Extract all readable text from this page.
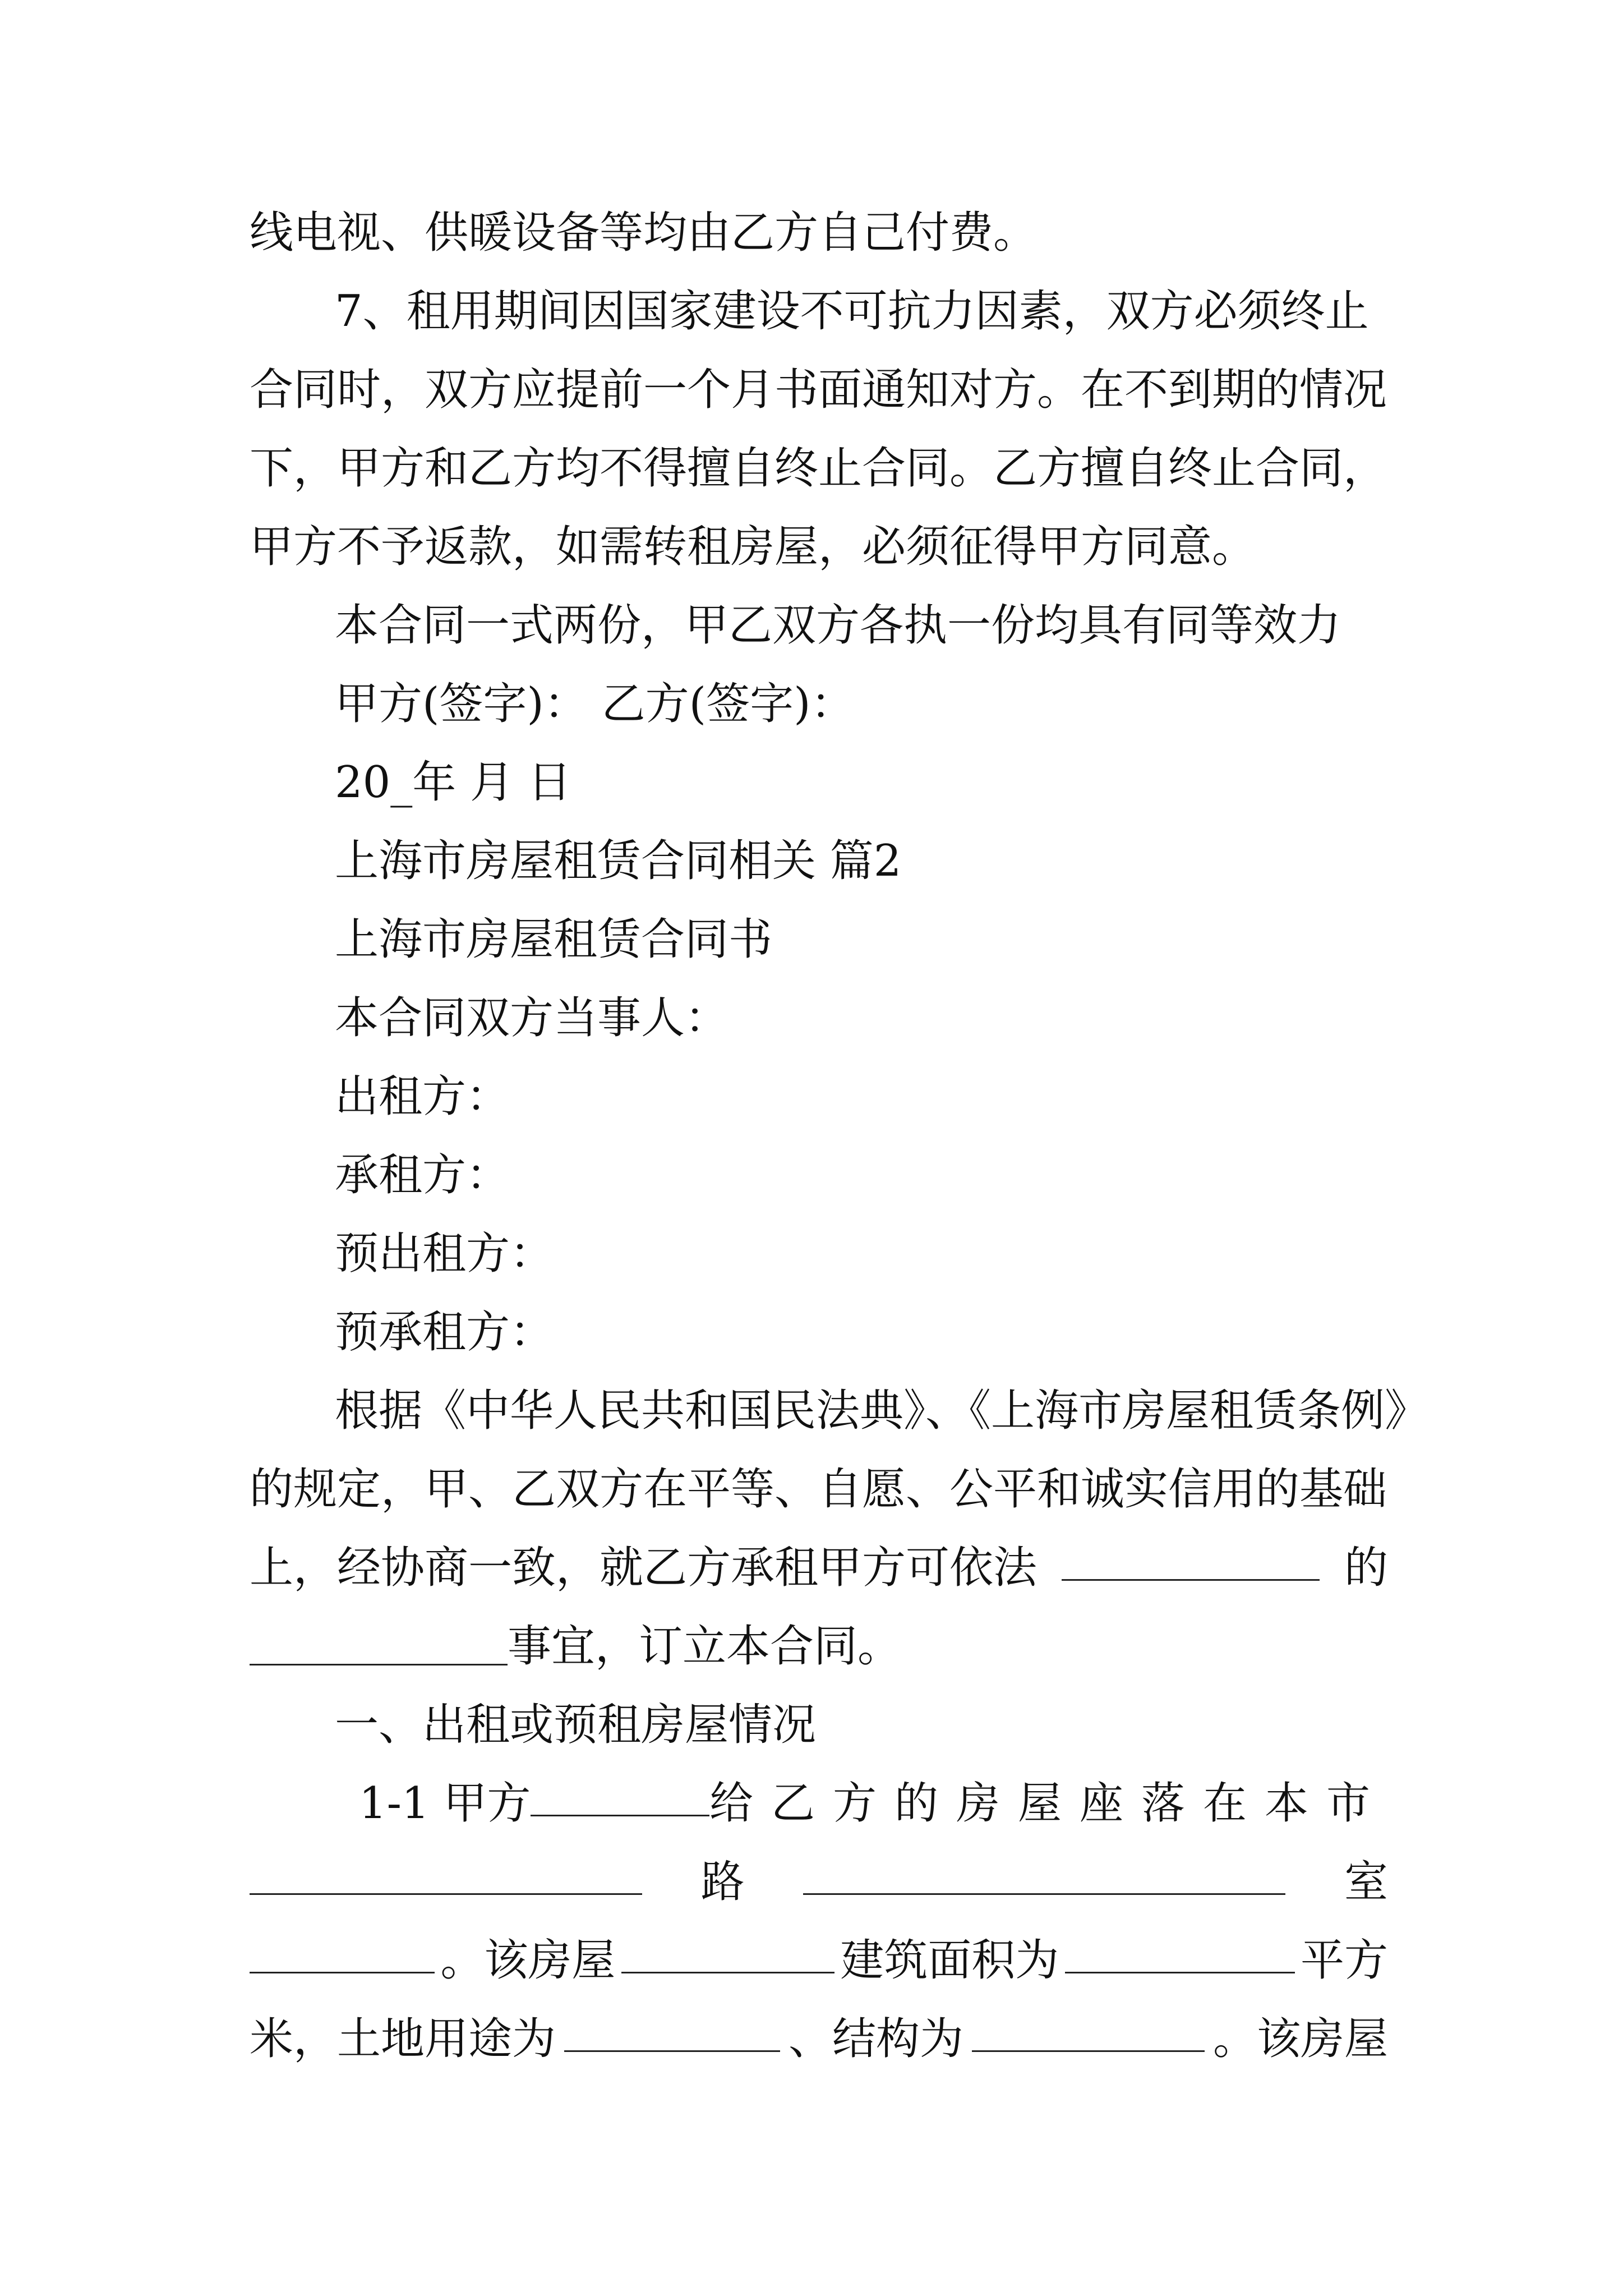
线电视、供暖设备等均由乙方自己付费。
7、租用期间因国家建设不可抗力因素，双方必须终止
合同时，双方应提前一个月书面通知对方。在不到期的情况
下，甲方和乙方均不得擅自终止合同。乙方擅自终止合同，
甲方不予返款，如需转租房屋，必须征得甲方同意。
本合同一式两份，甲乙双方各执一份均具有同等效力
甲方(签字)： 乙方(签字)：
20_年 月 日
上海市房屋租赁合同相关 篇2
上海市房屋租赁合同书
本合同双方当事人：
出租方：
承租方：
预出租方：
预承租方：
根据《中华人民共和国民法典》、《上海市房屋租赁条例》
的规定，甲、乙双方在平等、自愿、公平和诚实信用的基础
上，经协商一致，就乙方承租甲方可依法	的
事宜，订立本合同。
一、出租或预租房屋情况
1-1 甲方	给乙方的房屋座落在本市
路	室
。该房屋	建筑面积为	平方
米，土地用途为	、结构为	。该房屋
